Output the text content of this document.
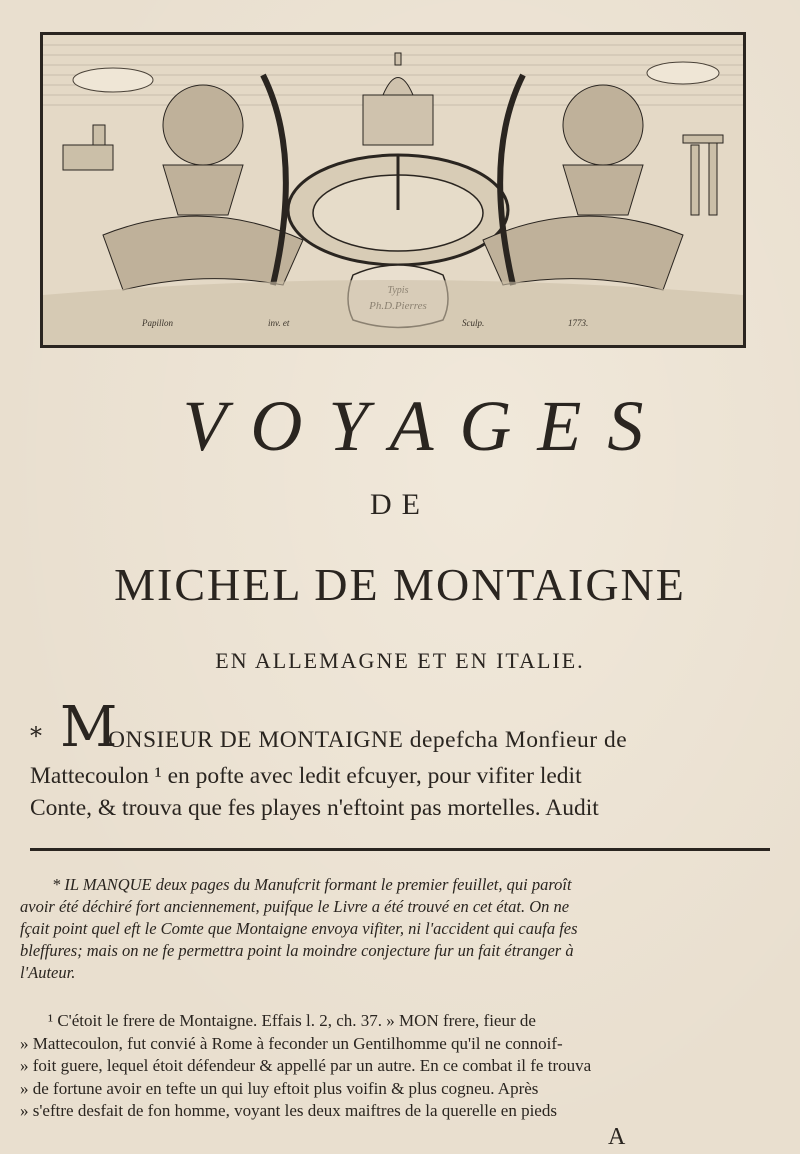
Papillon	inv. et	Sculp.	1773.
VOYAGES
DE
MICHEL DE MONTAIGNE
EN ALLEMAGNE ET EN ITALIE.
* M
ONSIEUR DE MONTAIGNE depefcha Monfieur de
Mattecoulon ¹ en pofte avec ledit efcuyer, pour vifiter ledit
Conte, & trouva que fes playes n'eftoint pas mortelles. Audit
* IL MANQUE deux pages du Manufcrit formant le premier feuillet, qui paroît
avoir été déchiré fort anciennement, puifque le Livre a été trouvé en cet état. On ne
fçait point quel eft le Comte que Montaigne envoya vifiter, ni l'accident qui caufa fes
bleffures; mais on ne fe permettra point la moindre conjecture fur un fait étranger à
l'Auteur.
¹ C'étoit le frere de Montaigne. Effais l. 2, ch. 37. » MON frere, fieur de
» Mattecoulon, fut convié à Rome à feconder un Gentilhomme qu'il ne connoif-
» foit guere, lequel étoit défendeur & appellé par un autre. En ce combat il fe trouva
» de fortune avoir en tefte un qui luy eftoit plus voifin & plus cogneu. Après
» s'eftre desfait de fon homme, voyant les deux maiftres de la querelle en pieds
A
